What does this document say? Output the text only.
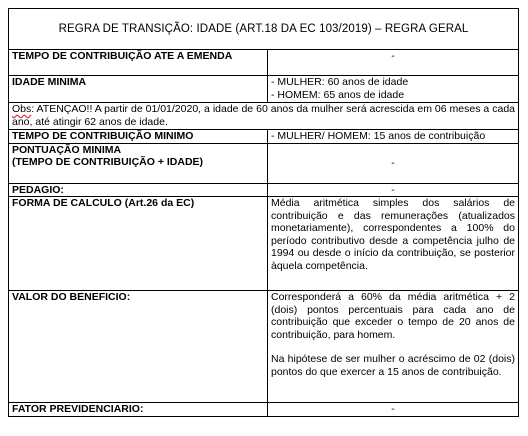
REGRA DE TRANSIÇÃO: IDADE (ART.18 DA EC 103/2019) – REGRA GERAL	
TEMPO DE CONTRIBUIÇÃO ATE A EMENDA	-
IDADE MINIMA	- MULHER: 60 anos de idade
- HOMEM: 65 anos de idade

Obs: ATENÇAO!! A partir de 01/01/2020, a idade de 60 anos da mulher será acrescida em 06 meses a cada ano, até atingir 62 anos de idade.	
TEMPO DE CONTRIBUIÇÃO MINIMO	- MULHER/ HOMEM: 15 anos de contribuição

PONTUAÇÃO MINIMA
(TEMPO DE CONTRIBUIÇÃO + IDADE)	-
PEDAGIO:	-
FORMA DE CALCULO (Art.26 da EC)	Média aritmética simples dos salários de contribuição e das remunerações (atualizados monetariamente), correspondentes a 100% do período contributivo desde a competência julho de 1994 ou desde o início da contribuição, se posterior àquela competência.
VALOR DO BENEFICIO:	Corresponderá a 60% da média aritmética + 2 (dois) pontos percentuais para cada ano de contribuição que exceder o tempo de 20 anos de contribuição, para homem.
Na hipótese de ser mulher o acréscimo de 02 (dois) pontos do que exercer a 15 anos de contribuição.

FATOR PREVIDENCIARIO:	-
